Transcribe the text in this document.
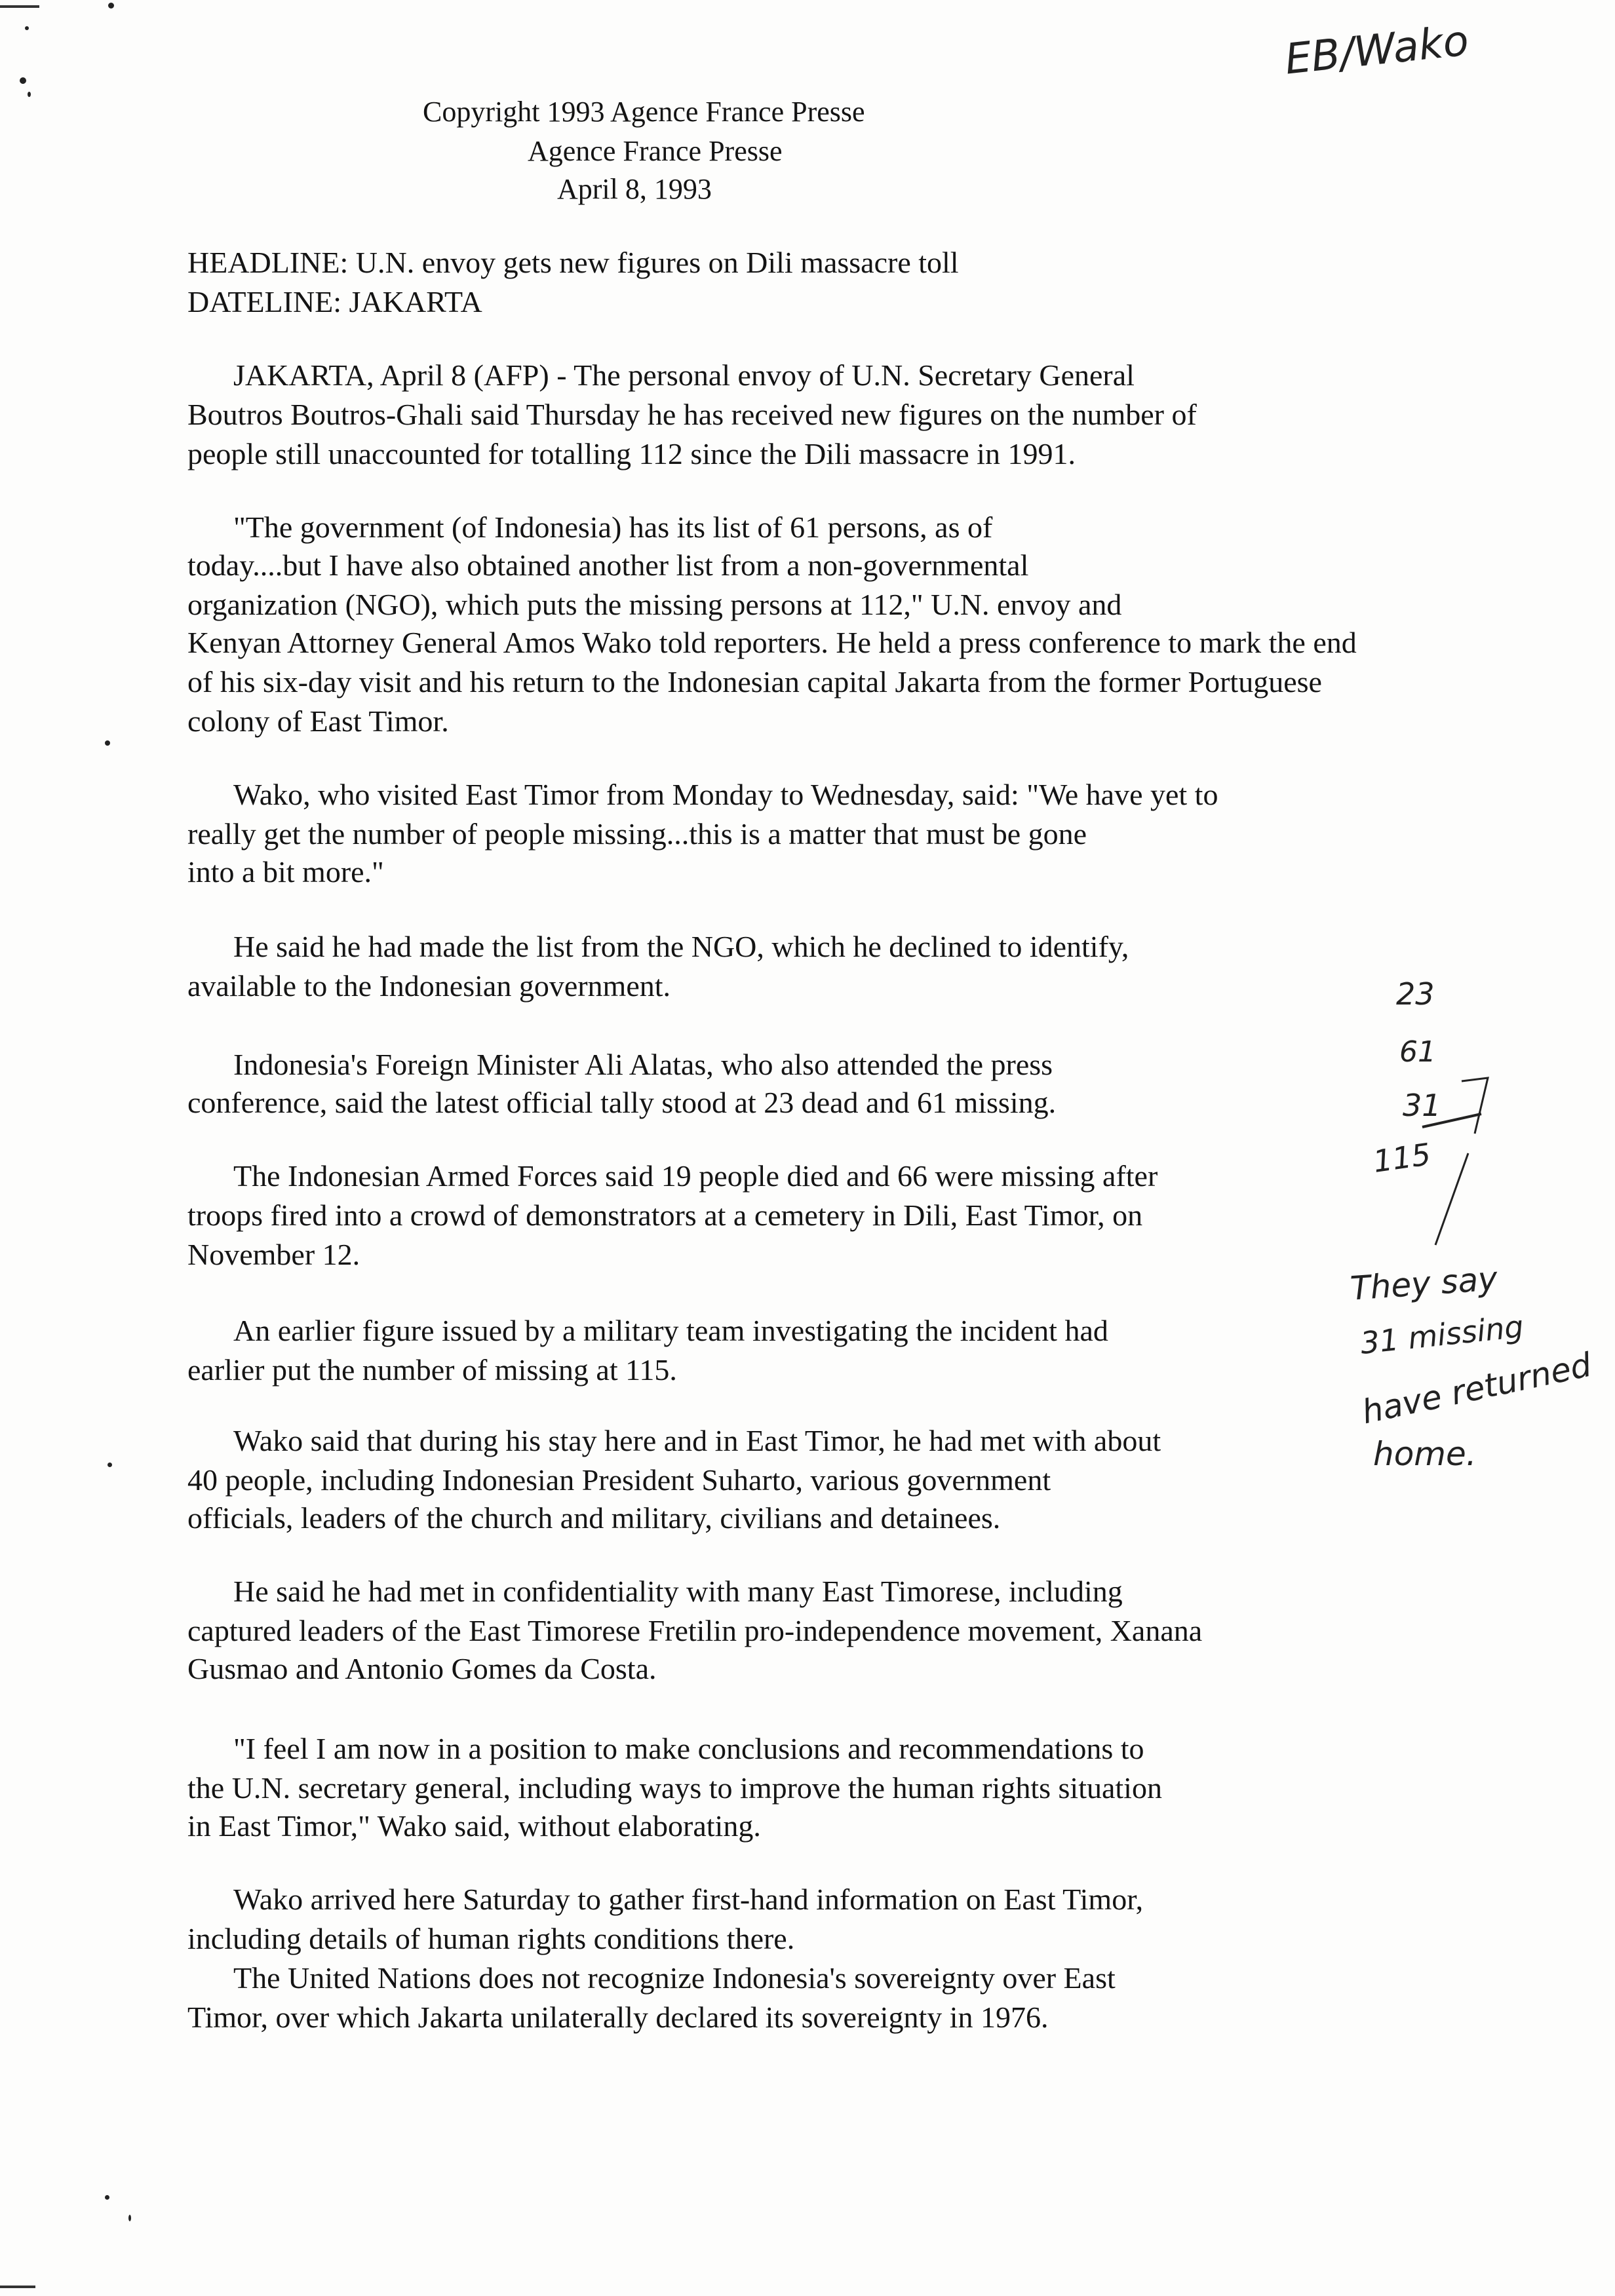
Copyright 1993 Agence France Presse
Agence France Presse
April 8, 1993
HEADLINE: U.N. envoy gets new figures on Dili massacre toll
DATELINE: JAKARTA
JAKARTA, April 8 (AFP) - The personal envoy of U.N. Secretary General
Boutros Boutros-Ghali said Thursday he has received new figures on the number of
people still unaccounted for totalling 112 since the Dili massacre in 1991.
"The government (of Indonesia) has its list of 61 persons, as of
today....but I have also obtained another list from a non-governmental
organization (NGO), which puts the missing persons at 112," U.N. envoy and
Kenyan Attorney General Amos Wako told reporters. He held a press conference to mark the end
of his six-day visit and his return to the Indonesian capital Jakarta from the former Portuguese
colony of East Timor.
Wako, who visited East Timor from Monday to Wednesday, said: "We have yet to
really get the number of people missing...this is a matter that must be gone
into a bit more."
He said he had made the list from the NGO, which he declined to identify,
available to the Indonesian government.
Indonesia's Foreign Minister Ali Alatas, who also attended the press
conference, said the latest official tally stood at 23 dead and 61 missing.
The Indonesian Armed Forces said 19 people died and 66 were missing after
troops fired into a crowd of demonstrators at a cemetery in Dili, East Timor, on
November 12.
An earlier figure issued by a military team investigating the incident had
earlier put the number of missing at 115.
Wako said that during his stay here and in East Timor, he had met with about
40 people, including Indonesian President Suharto, various government
officials, leaders of the church and military, civilians and detainees.
He said he had met in confidentiality with many East Timorese, including
captured leaders of the East Timorese Fretilin pro-independence movement, Xanana
Gusmao and Antonio Gomes da Costa.
"I feel I am now in a position to make conclusions and recommendations to
the U.N. secretary general, including ways to improve the human rights situation
in East Timor," Wako said, without elaborating.
Wako arrived here Saturday to gather first-hand information on East Timor,
including details of human rights conditions there.
The United Nations does not recognize Indonesia's sovereignty over East
Timor, over which Jakarta unilaterally declared its sovereignty in 1976.
EB/Wako
23
61
31
115
They say
31 missing
have returned
home.
